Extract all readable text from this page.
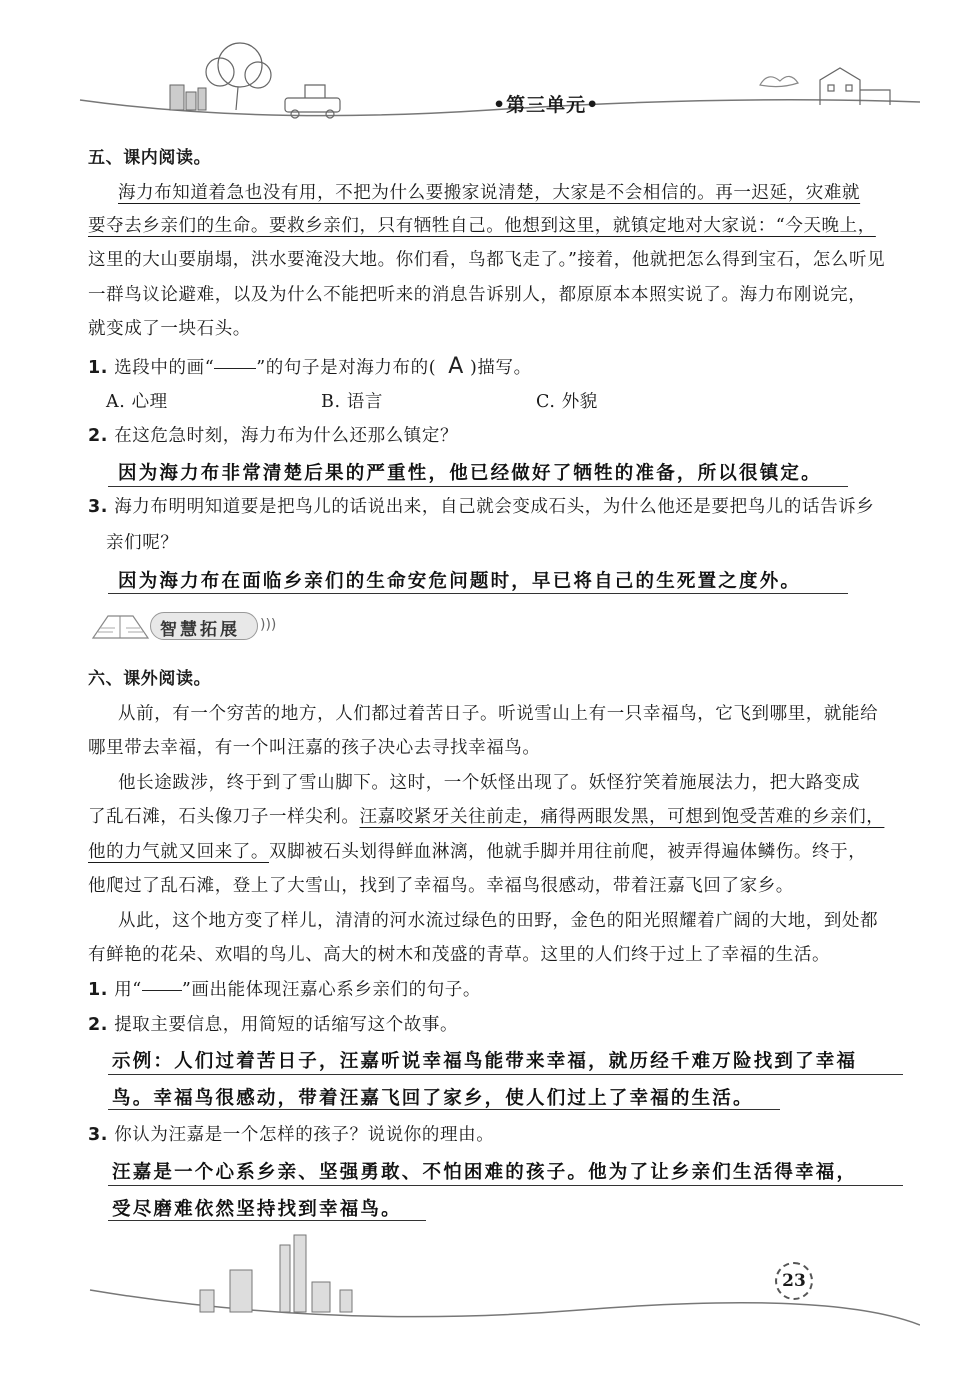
•第三单元•
五、课内阅读。
海力布知道着急也没有用，不把为什么要搬家说清楚，大家是不会相信的。再一迟延，灾难就
要夺去乡亲们的生命。要救乡亲们，只有牺牲自己。他想到这里，就镇定地对大家说：“今天晚上，
这里的大山要崩塌，洪水要淹没大地。你们看，鸟都飞走了。”接着，他就把怎么得到宝石，怎么听见
一群鸟议论避难，以及为什么不能把听来的消息告诉别人，都原原本本照实说了。海力布刚说完，
就变成了一块石头。
1. 选段中的画“ ”的句子是对海力布的( A )描写。
A. 心理	B. 语言	C. 外貌
2. 在这危急时刻，海力布为什么还那么镇定？
因为海力布非常清楚后果的严重性，他已经做好了牺牲的准备，所以很镇定。
3. 海力布明明知道要是把鸟儿的话说出来，自己就会变成石头，为什么他还是要把鸟儿的话告诉乡
亲们呢？
因为海力布在面临乡亲们的生命安危问题时，早已将自己的生死置之度外。
智慧拓展 )))
六、课外阅读。
从前，有一个穷苦的地方，人们都过着苦日子。听说雪山上有一只幸福鸟，它飞到哪里，就能给
哪里带去幸福，有一个叫汪嘉的孩子决心去寻找幸福鸟。
他长途跋涉，终于到了雪山脚下。这时，一个妖怪出现了。妖怪狞笑着施展法力，把大路变成
了乱石滩，石头像刀子一样尖利。汪嘉咬紧牙关往前走，痛得两眼发黑，可想到饱受苦难的乡亲们，
他的力气就又回来了。双脚被石头划得鲜血淋漓，他就手脚并用往前爬，被弄得遍体鳞伤。终于，
他爬过了乱石滩，登上了大雪山，找到了幸福鸟。幸福鸟很感动，带着汪嘉飞回了家乡。
从此，这个地方变了样儿，清清的河水流过绿色的田野，金色的阳光照耀着广阔的大地，到处都
有鲜艳的花朵、欢唱的鸟儿、高大的树木和茂盛的青草。这里的人们终于过上了幸福的生活。
1. 用“ ”画出能体现汪嘉心系乡亲们的句子。
2. 提取主要信息，用简短的话缩写这个故事。
示例：人们过着苦日子，汪嘉听说幸福鸟能带来幸福，就历经千难万险找到了幸福
鸟。幸福鸟很感动，带着汪嘉飞回了家乡，使人们过上了幸福的生活。
3. 你认为汪嘉是一个怎样的孩子？说说你的理由。
汪嘉是一个心系乡亲、坚强勇敢、不怕困难的孩子。他为了让乡亲们生活得幸福，
受尽磨难依然坚持找到幸福鸟。
23
